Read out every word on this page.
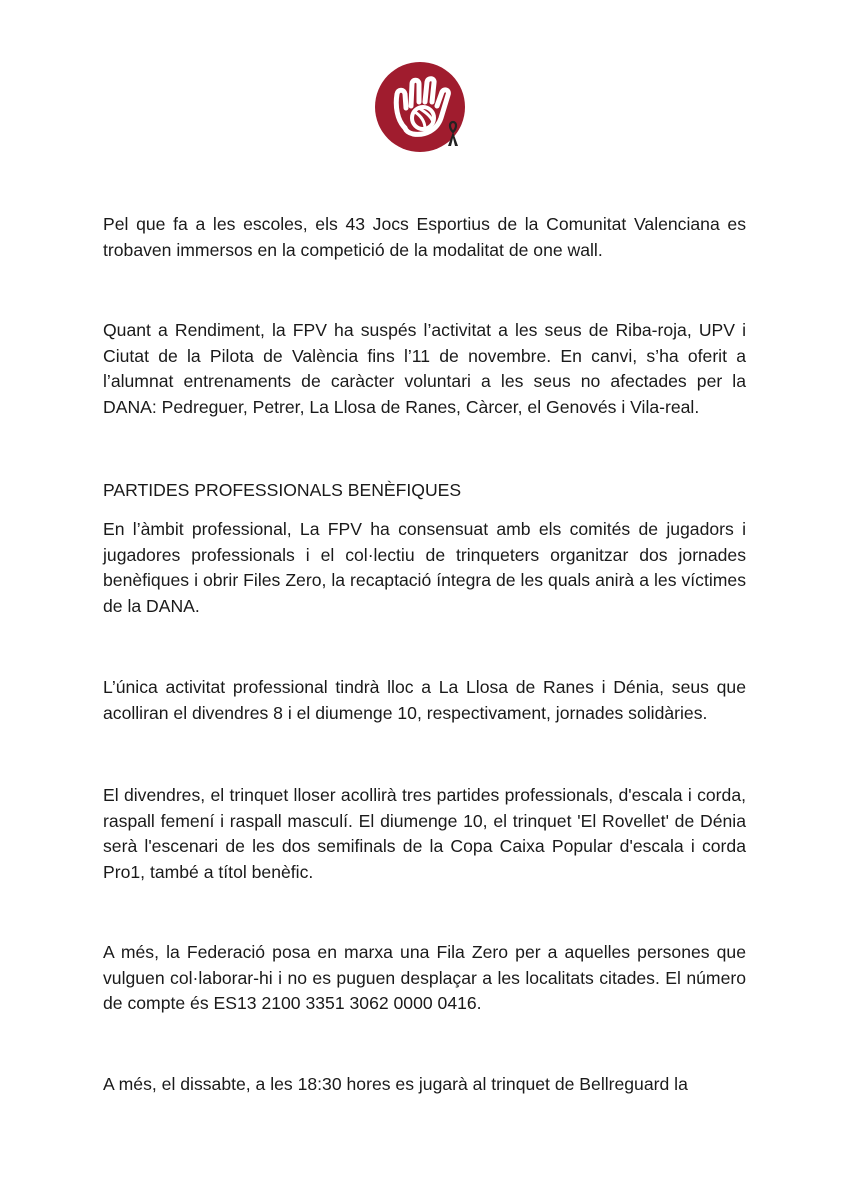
Pel que fa a les escoles, els 43 Jocs Esportius de la Comunitat Valenciana es trobaven immersos en la competició de la modalitat de one wall.

Quant a Rendiment, la FPV ha suspés l’activitat a les seus de Riba-roja, UPV i Ciutat de la Pilota de València fins l’11 de novembre. En canvi, s’ha oferit a l’alumnat entrenaments de caràcter voluntari a les seus no afectades per la DANA: Pedreguer, Petrer, La Llosa de Ranes, Càrcer, el Genovés i Vila-real.

PARTIDES PROFESSIONALS BENÈFIQUES

En l’àmbit professional, La FPV ha consensuat amb els comités de jugadors i jugadores professionals i el col·lectiu de trinqueters organitzar dos jornades benèfiques i obrir Files Zero, la recaptació íntegra de les quals anirà a les víctimes de la DANA.

L’única activitat professional tindrà lloc a La Llosa de Ranes i Dénia, seus que acolliran el divendres 8 i el diumenge 10, respectivament, jornades solidàries.

El divendres, el trinquet lloser acollirà tres partides professionals, d'escala i corda, raspall femení i raspall masculí. El diumenge 10, el trinquet 'El Rovellet' de Dénia serà l'escenari de les dos semifinals de la Copa Caixa Popular d'escala i corda Pro1, també a títol benèfic.

A més, la Federació posa en marxa una Fila Zero per a aquelles persones que vulguen col·laborar-hi i no es puguen desplaçar a les localitats citades. El número de compte és ES13 2100 3351 3062 0000 0416.

A més, el dissabte, a les 18:30 hores es jugarà al trinquet de Bellreguard la
